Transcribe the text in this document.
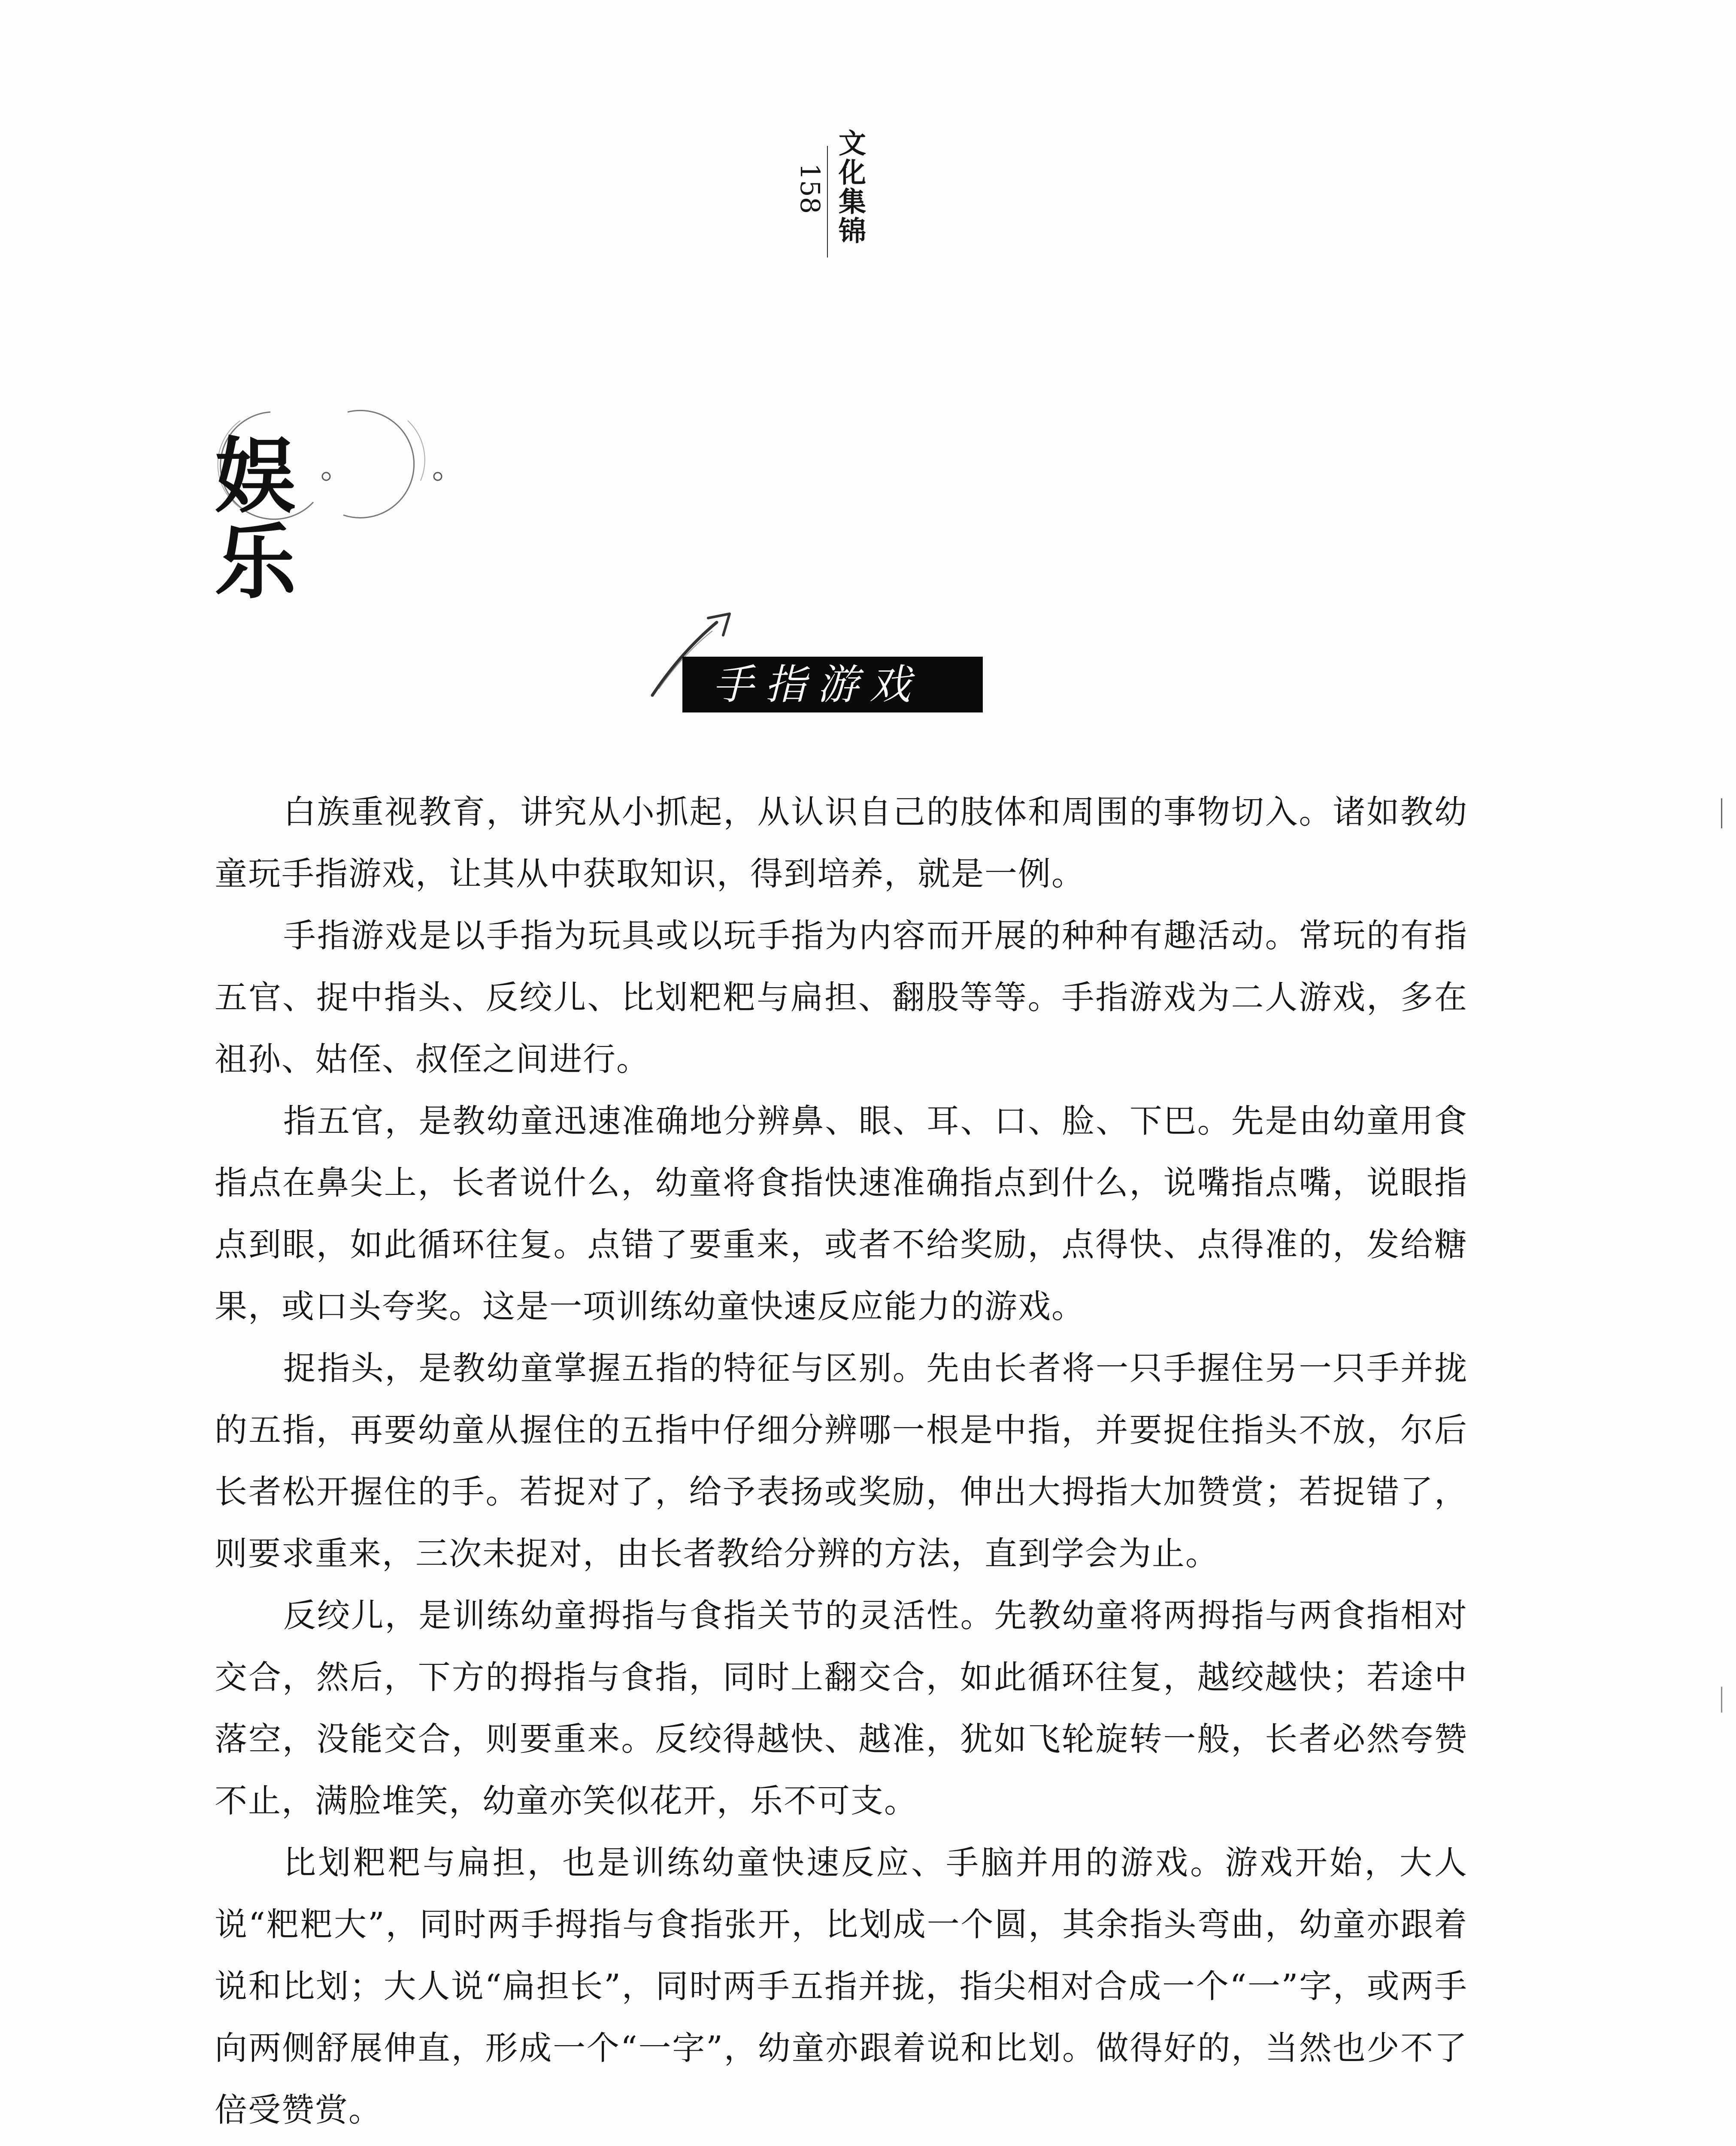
文化集锦
158
娱乐
手指游戏

白族重视教育，讲究从小抓起，从认识自己的肢体和周围的事物切入。诸如教幼童玩手指游戏，让其从中获取知识，得到培养，就是一例。

手指游戏是以手指为玩具或以玩手指为内容而开展的种种有趣活动。常玩的有指五官、捉中指头、反绞儿、比划粑粑与扁担、翻股等等。手指游戏为二人游戏，多在祖孙、姑侄、叔侄之间进行。

指五官，是教幼童迅速准确地分辨鼻、眼、耳、口、脸、下巴。先是由幼童用食指点在鼻尖上，长者说什么，幼童将食指快速准确指点到什么，说嘴指点嘴，说眼指点到眼，如此循环往复。点错了要重来，或者不给奖励，点得快、点得准的，发给糖果，或口头夸奖。这是一项训练幼童快速反应能力的游戏。

捉指头，是教幼童掌握五指的特征与区别。先由长者将一只手握住另一只手并拢的五指，再要幼童从握住的五指中仔细分辨哪一根是中指，并要捉住指头不放，尔后长者松开握住的手。若捉对了，给予表扬或奖励，伸出大拇指大加赞赏；若捉错了，则要求重来，三次未捉对，由长者教给分辨的方法，直到学会为止。

反绞儿，是训练幼童拇指与食指关节的灵活性。先教幼童将两拇指与两食指相对交合，然后，下方的拇指与食指，同时上翻交合，如此循环往复，越绞越快；若途中落空，没能交合，则要重来。反绞得越快、越准，犹如飞轮旋转一般，长者必然夸赞不止，满脸堆笑，幼童亦笑似花开，乐不可支。

比划粑粑与扁担，也是训练幼童快速反应、手脑并用的游戏。游戏开始，大人说“粑粑大”，同时两手拇指与食指张开，比划成一个圆，其余指头弯曲，幼童亦跟着说和比划；大人说“扁担长”，同时两手五指并拢，指尖相对合成一个“一”字，或两手向两侧舒展伸直，形成一个“一字”，幼童亦跟着说和比划。做得好的，当然也少不了倍受赞赏。
